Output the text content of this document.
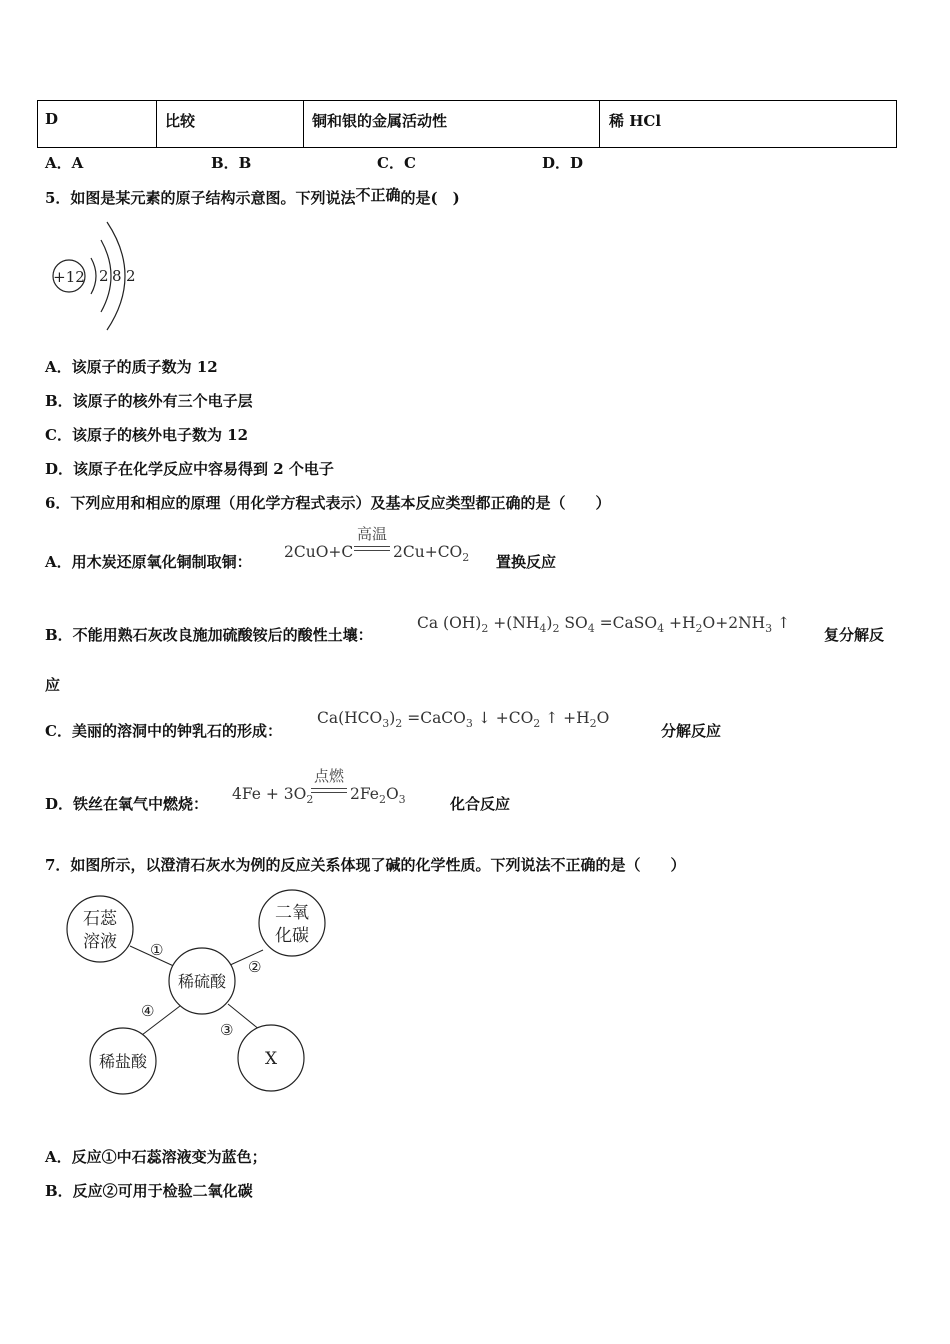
D	比较	铜和银的金属活动性	稀 HCl
A．A	B．B	C．C	D．D
5．如图是某元素的原子结构示意图。下列说法不正确的是(　)
+12 2 8 2
A．该原子的质子数为 12
B．该原子的核外有三个电子层
C．该原子的核外电子数为 12
D．该原子在化学反应中容易得到 2 个电子
6．下列应用和相应的原理（用化学方程式表示）及基本反应类型都正确的是（　　）
A．用木炭还原氧化铜制取铜：
2CuO+C
高温
$2Cu+CO_2$ 置换反应
B．不能用熟石灰改良施加硫酸铵后的酸性土壤：
Ca $(OH)_2 +(NH_4)_2$ $SO_4$ =CaSO$_4$ $+H_2O+2NH_3$ ↑
复分解反
应
C．美丽的溶洞中的钟乳石的形成：
$Ca(HCO_3)_2$ =CaCO$_3$ ↓ $+CO_2$ ↑ $+H_2O$
分解反应
D．铁丝在氧气中燃烧：
$4Fe + 3O_2$
点燃
$2Fe_2O_3$	化合反应
7．如图所示，以澄清石灰水为例的反应关系体现了碱的化学性质。下列说法不正确的是（　　）
石蕊
溶液
二氧
化碳
稀硫酸
稀盐酸	X
①
②
③
④
A．反应①中石蕊溶液变为蓝色；
B．反应②可用于检验二氧化碳
